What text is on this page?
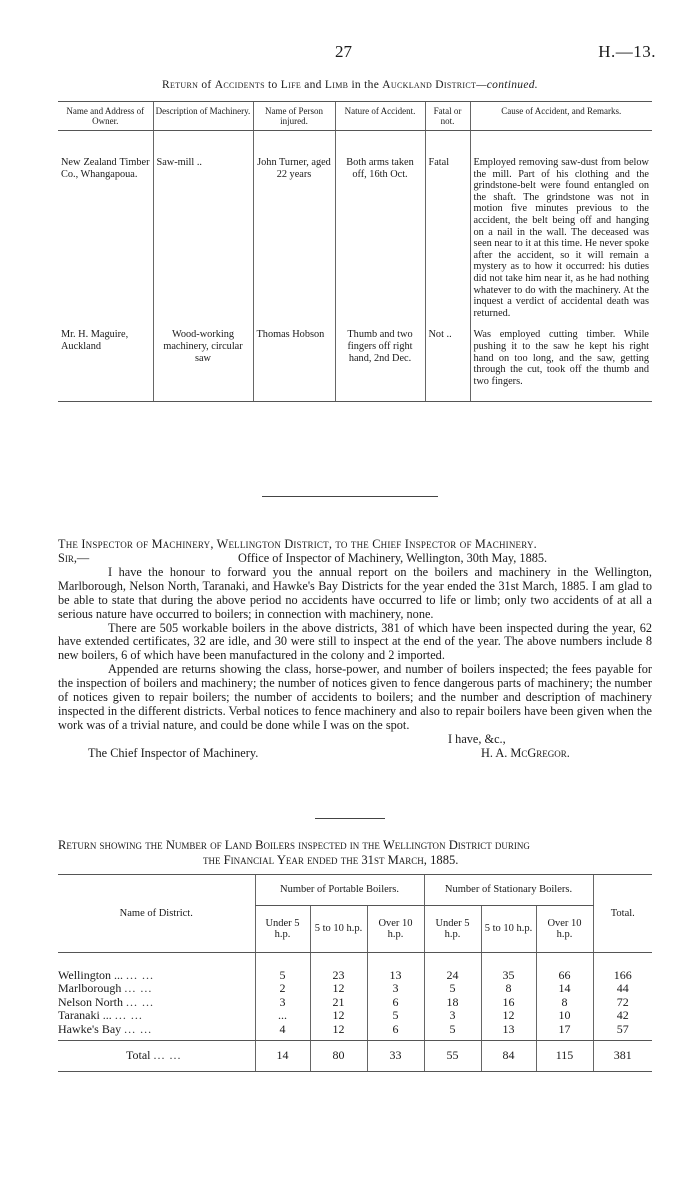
27	H.—13.
Return of Accidents to Life and Limb in the Auckland District—continued.
Name and Address of Owner.	Description of Machinery.	Name of Person injured.	Nature of Accident.	Fatal or not.	Cause of Accident, and Remarks.

New Zealand Timber Co., Whangapoua.	Saw-mill ..	John Turner, aged 22 years	Both arms taken off, 16th Oct.	Fatal	Employed removing saw-dust from below the mill. Part of his clothing and the grindstone-belt were found entangled on the shaft. The grindstone was not in motion five minutes previous to the accident, the belt being off and hanging on a nail in the wall. The deceased was seen near to it at this time. He never spoke after the accident, so it will remain a mystery as to how it occurred: his duties did not take him near it, as he had nothing whatever to do with the machinery. At the inquest a verdict of accidental death was returned.
Mr. H. Maguire, Auckland	Wood-working machinery, circular saw	Thomas Hobson	Thumb and two fingers off right hand, 2nd Dec.	Not ..	Was employed cutting timber. While pushing it to the saw he kept his right hand on too long, and the saw, getting through the cut, took off the thumb and two fingers.

The Inspector of Machinery, Wellington District, to the Chief Inspector of Machinery.

Sir,—	Office of Inspector of Machinery, Wellington, 30th May, 1885.

I have the honour to forward you the annual report on the boilers and machinery in the Wellington, Marlborough, Nelson North, Taranaki, and Hawke's Bay Districts for the year ended the 31st March, 1885. I am glad to be able to state that during the above period no accidents have occurred to life or limb; only two accidents of at all a serious nature have occurred to boilers; in connection with machinery, none.

There are 505 workable boilers in the above districts, 381 of which have been inspected during the year, 62 have extended certificates, 32 are idle, and 30 were still to inspect at the end of the year. The above numbers include 8 new boilers, 6 of which have been manufactured in the colony and 2 imported.

Appended are returns showing the class, horse-power, and number of boilers inspected; the fees payable for the inspection of boilers and machinery; the number of notices given to fence dangerous parts of machinery; the number of notices given to repair boilers; the number of accidents to boilers; and the number and description of machinery inspected in the different districts. Verbal notices to fence machinery and also to repair boilers have been given when the work was of a trivial nature, and could be done while I was on the spot.

I have, &c.,

The Chief Inspector of Machinery.	H. A. McGregor.
Return showing the Number of Land Boilers inspected in the Wellington District during
the Financial Year ended the 31st March, 1885.
Name of District.	Number of Portable Boilers.			Number of Stationary Boilers.			Total.
	Under 5 h.p.	5 to 10 h.p.	Over 10 h.p.	Under 5 h.p.	5 to 10 h.p.	Over 10 h.p.	
Wellington ... ... ...	5	23	13	24	35	66	166
Marlborough ... ...	2	12	3	5	8	14	44
Nelson North ... ...	3	21	6	18	16	8	72
Taranaki ... ... ...	...	12	5	3	12	10	42
Hawke's Bay ... ...	4	12	6	5	13	17	57
Total ... ...	14	80	33	55	84	115	381
